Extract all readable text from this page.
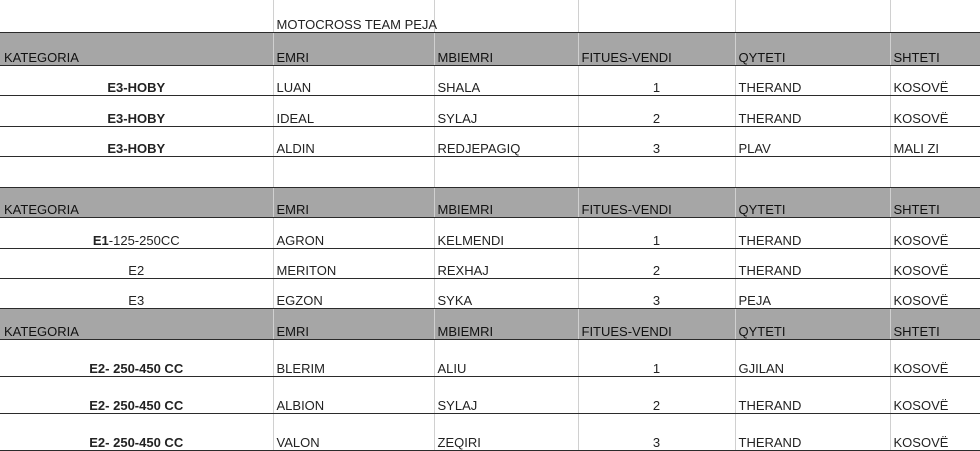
	MOTOCROSS TEAM PEJA				
KATEGORIA	EMRI	MBIEMRI	FITUES-VENDI	QYTETI	SHTETI
E3-HOBY	LUAN	SHALA	1	THERAND	KOSOVË
E3-HOBY	IDEAL	SYLAJ	2	THERAND	KOSOVË
E3-HOBY	ALDIN	REDJEPAGIQ	3	PLAV	MALI ZI

KATEGORIA	EMRI	MBIEMRI	FITUES-VENDI	QYTETI	SHTETI
E1-125-250CC	AGRON	KELMENDI	1	THERAND	KOSOVË
E2	MERITON	REXHAJ	2	THERAND	KOSOVË
E3	EGZON	SYKA	3	PEJA	KOSOVË
KATEGORIA	EMRI	MBIEMRI	FITUES-VENDI	QYTETI	SHTETI
E2- 250-450 CC	BLERIM	ALIU	1	GJILAN	KOSOVË
E2- 250-450 CC	ALBION	SYLAJ	2	THERAND	KOSOVË
E2- 250-450 CC	VALON	ZEQIRI	3	THERAND	KOSOVË
